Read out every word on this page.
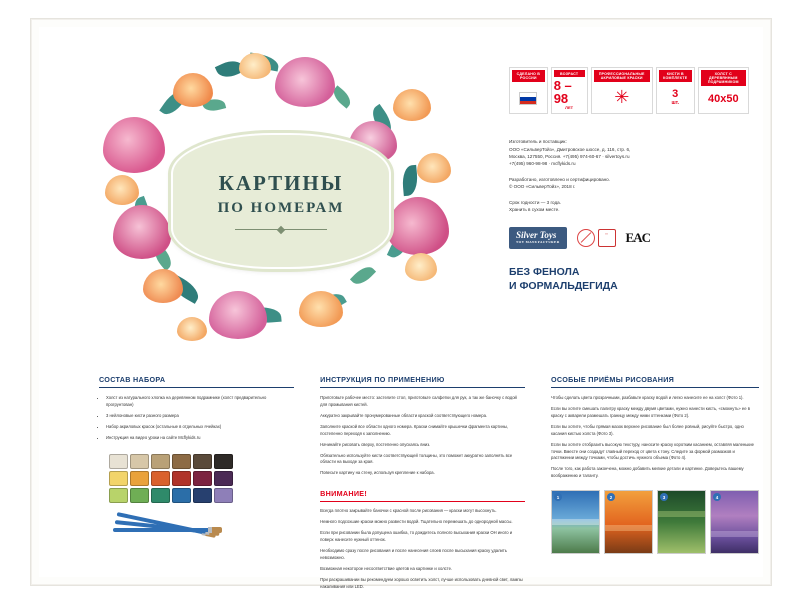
КАРТИНЫ
ПО НОМЕРАМ
СДЕЛАНО В РОССИИ
ВОЗРАСТ
8 – 98
ЛЕТ
ПРОФЕССИОНАЛЬНЫЕ АКРИЛОВЫЕ КРАСКИ
✳
КИСТИ В КОМПЛЕКТЕ
3
шт.
ХОЛСТ С ДЕРЕВЯННЫМ ПОДРАМНИКОМ
40х50

Изготовитель и поставщик:
ООО «СильверТойз», Дмитровское шоссе, д. 116, стр. 6,
Москва, 127550, Россия. +7(495) 974-60-67 · silvertoys.ru
+7(495) 960-98-98 · mcflykids.ru

Разработано, изготовлено и сертифицировано.
© ООО «СильверТойз», 2018 г.

Срок годности — 3 года.
Хранить в сухом месте.

Silver Toys
TOY MANUFACTURER
!!!	EAC
БЕЗ ФЕНОЛА
И ФОРМАЛЬДЕГИДА
СОСТАВ НАБОРА
• Холст из натурального хлопка на деревянном подрамнике (холст предварительно прогрунтован)
• 3 нейлоновые кисти разного размера
• Набор акриловых красок (остальные в отдельных ячейках)
• Инструкция на видео уроки на сайте Mcflykids.ru
ИНСТРУКЦИЯ ПО ПРИМЕНЕНИЮ

Приготовьте рабочее место: застелите стол, приготовьте салфетки для рук, а так же баночку с водой для промывания кистей.

Аккуратно закрывайте пронумерованные области краской соответствующего номера.

Заполните краской все области одного номера. Краски снимайте крышечки фрагмента картины, постепенно переходя к заполнению.

Начинайте рисовать сверху, постепенно опускаясь вниз.

Обязательно используйте кисти соответствующей толщины, это поможет аккуратно заполнять все области на выходе за края.

Повесьте картину на стену, используя крепление к набора.

ВНИМАНИЕ!

Всегда плотно закрывайте баночки с красной после рисования — краски могут высохнуть.

Немного подсохшие краски можно развести водой. Тщательно перемешать до однородной массы.

Если при рисовании была допущена ошибка, то дождитесь полного высыхания краски ОН иного и поверх нанесите нужный оттенок.

Необходимо сразу после рисования и после нанесения слоев после высыхания краску удалить невозможно.

Возможная некоторое несоответствие цветов на картинке и холсте.

При раскрашивании вы рекомендуем хорошо осветить холст, лучше использовать дневной свет, лампы накаливания или LED.

ОСОБЫЕ ПРИЁМЫ РИСОВАНИЯ

Чтобы сделать цвета прозрачными, разбавьте краску водой и легко нанесите ее на холст (Фото 1).

Если вы хотите смешать палитру краску между двумя цветами, нужно нанести кисть, «смокнуть» ее в краску с акварели размешать границу между ними оттенками (Фото 2).

Если вы хотите, чтобы прямая мазок верхнее рисование был более ровный, рисуйте быстро, одно касания кистью холста (Фото 3).

Если вы хотите отобразить высокую текстуру, наносите краску коротким касанием, оставляя маленькие точки. Вместе они создадут главный переход от цвета к тону. Следите за формой размазков и растяжении между точками, чтобы достичь нужного объема (Фото 4).

После того, как работа закончена, можно добавить мелкие детали и картинке. Доверьтесь вашему воображению и таланту.

1	2	3	4
